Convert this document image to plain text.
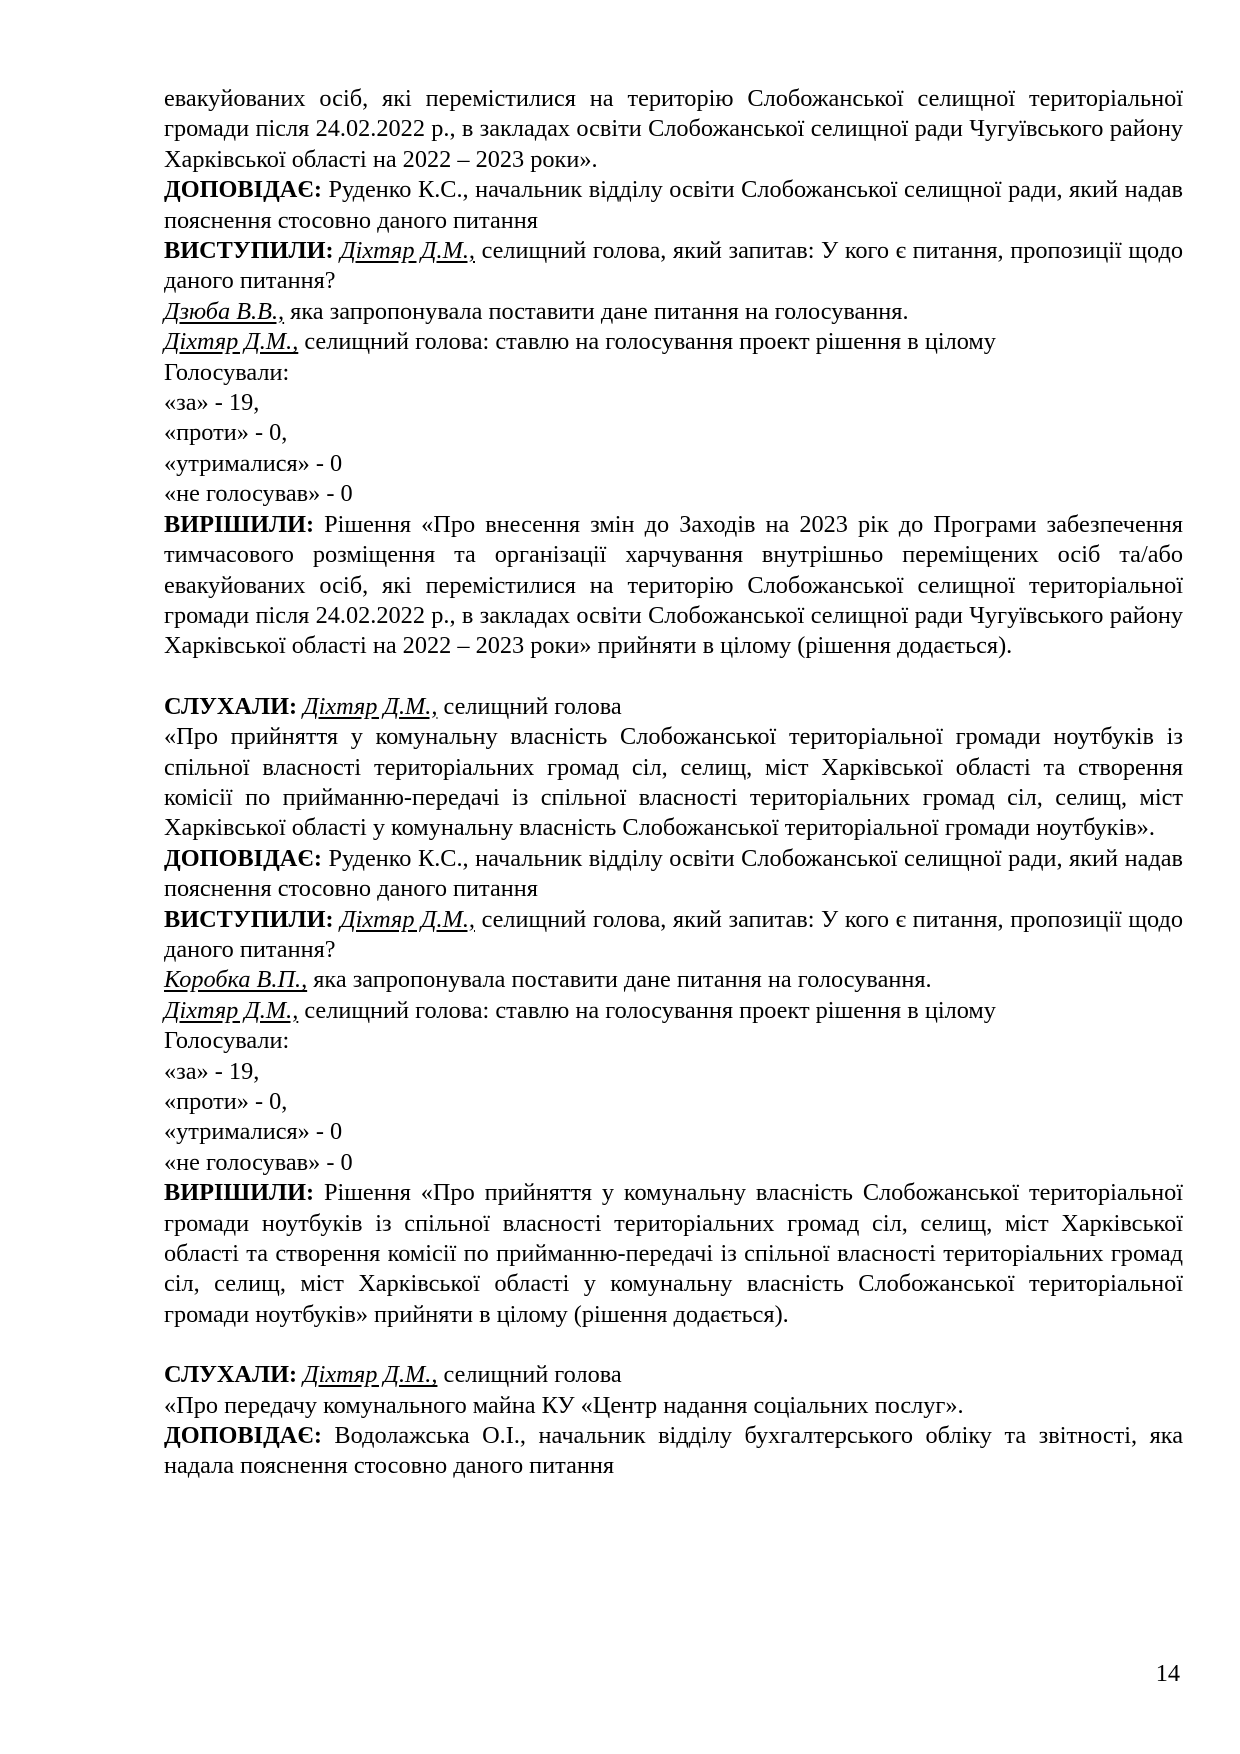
евакуйованих осіб, які перемістилися на територію Слобожанської селищної територіальної громади після 24.02.2022 р., в закладах освіти Слобожанської селищної ради Чугуївського району Харківської області на 2022 – 2023 роки».

ДОПОВІДАЄ: Руденко К.С., начальник відділу освіти Слобожанської селищної ради, який надав пояснення стосовно даного питання

ВИСТУПИЛИ: Діхтяр Д.М., селищний голова, який запитав: У кого є питання, пропозиції щодо даного питання?

Дзюба В.В., яка запропонувала поставити дане питання на голосування.

Діхтяр Д.М., селищний голова: ставлю на голосування проект рішення в цілому

Голосували:

«за» - 19,

«проти» - 0,

«утрималися» - 0

«не голосував» - 0

ВИРІШИЛИ: Рішення «Про внесення змін до Заходів на 2023 рік до Програми забезпечення тимчасового розміщення та організації харчування внутрішньо переміщених осіб та/або евакуйованих осіб, які перемістилися на територію Слобожанської селищної територіальної громади після 24.02.2022 р., в закладах освіти Слобожанської селищної ради Чугуївського району Харківської області на 2022 – 2023 роки» прийняти в цілому (рішення додається).

СЛУХАЛИ: Діхтяр Д.М., селищний голова

«Про прийняття у комунальну власність Слобожанської територіальної громади ноутбуків із спільної власності територіальних громад сіл, селищ, міст Харківської області та створення комісії по прийманню-передачі із спільної власності територіальних громад сіл, селищ, міст Харківської області у комунальну власність Слобожанської територіальної громади ноутбуків».

ДОПОВІДАЄ: Руденко К.С., начальник відділу освіти Слобожанської селищної ради, який надав пояснення стосовно даного питання

ВИСТУПИЛИ: Діхтяр Д.М., селищний голова, який запитав: У кого є питання, пропозиції щодо даного питання?

Коробка В.П., яка запропонувала поставити дане питання на голосування.

Діхтяр Д.М., селищний голова: ставлю на голосування проект рішення в цілому

Голосували:

«за» - 19,

«проти» - 0,

«утрималися» - 0

«не голосував» - 0

ВИРІШИЛИ: Рішення «Про прийняття у комунальну власність Слобожанської територіальної громади ноутбуків із спільної власності територіальних громад сіл, селищ, міст Харківської області та створення комісії по прийманню-передачі із спільної власності територіальних громад сіл, селищ, міст Харківської області у комунальну власність Слобожанської територіальної громади ноутбуків» прийняти в цілому (рішення додається).

СЛУХАЛИ: Діхтяр Д.М., селищний голова

«Про передачу комунального майна КУ «Центр надання соціальних послуг».

ДОПОВІДАЄ: Водолажська О.І., начальник відділу бухгалтерського обліку та звітності, яка надала пояснення стосовно даного питання

14
